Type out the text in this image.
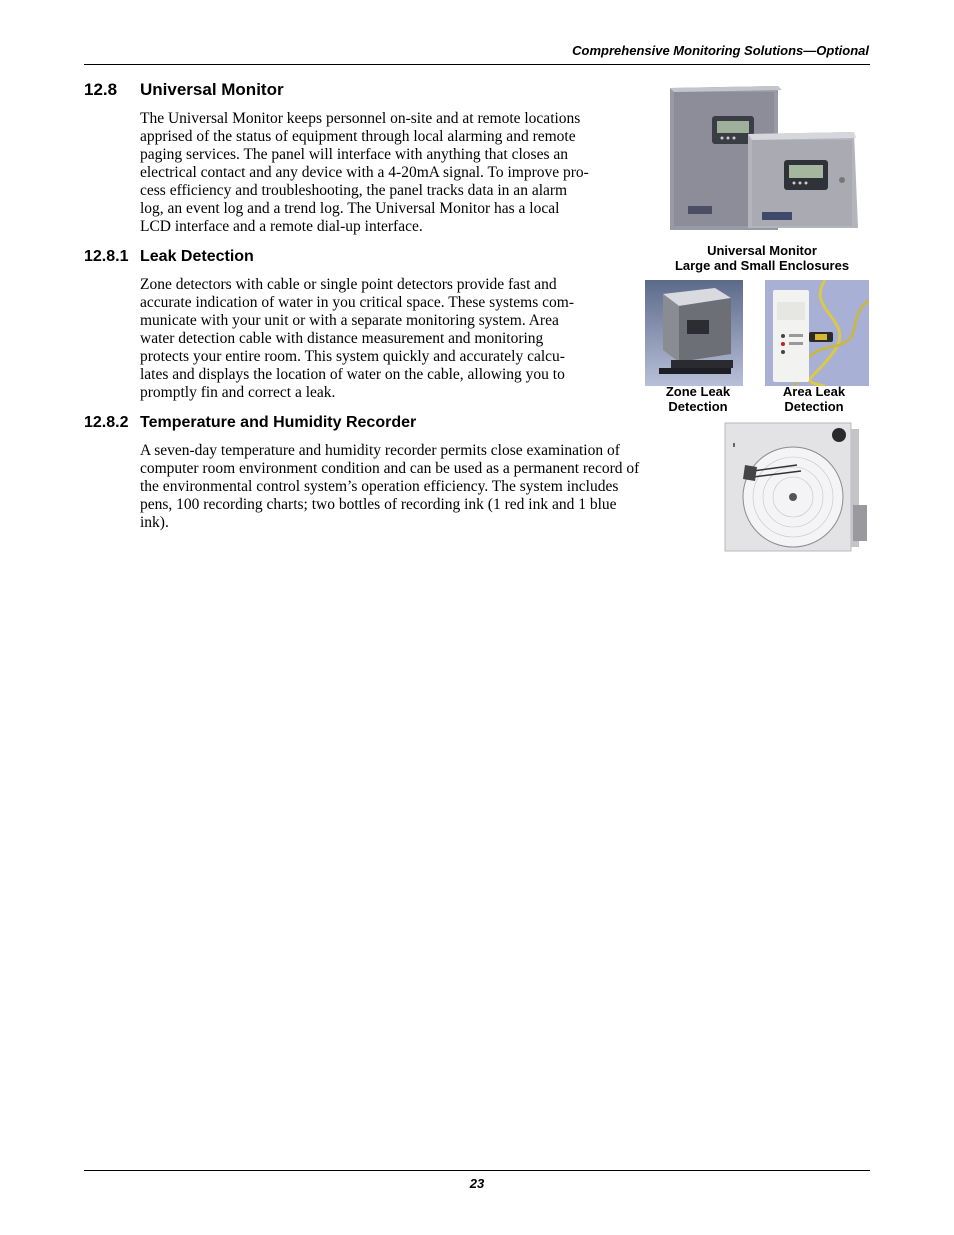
Comprehensive Monitoring Solutions—Optional
12.8 Universal Monitor
The Universal Monitor keeps personnel on-site and at remote locations
apprised of the status of equipment through local alarming and remote
paging services. The panel will interface with anything that closes an
electrical contact and any device with a 4-20mA signal. To improve pro-
cess efficiency and troubleshooting, the panel tracks data in an alarm
log, an event log and a trend log. The Universal Monitor has a local
LCD interface and a remote dial-up interface.
12.8.1 Leak Detection
Zone detectors with cable or single point detectors provide fast and
accurate indication of water in you critical space. These systems com-
municate with your unit or with a separate monitoring system. Area
water detection cable with distance measurement and monitoring
protects your entire room. This system quickly and accurately calcu-
lates and displays the location of water on the cable, allowing you to
promptly fin and correct a leak.
12.8.2 Temperature and Humidity Recorder
A seven-day temperature and humidity recorder permits close examination of
computer room environment condition and can be used as a permanent record of
the environmental control system’s operation efficiency. The system includes
pens, 100 recording charts; two bottles of recording ink (1 red ink and 1 blue
ink).
Universal Monitor
Large and Small Enclosures
Zone Leak
Detection
Area Leak
Detection
23
